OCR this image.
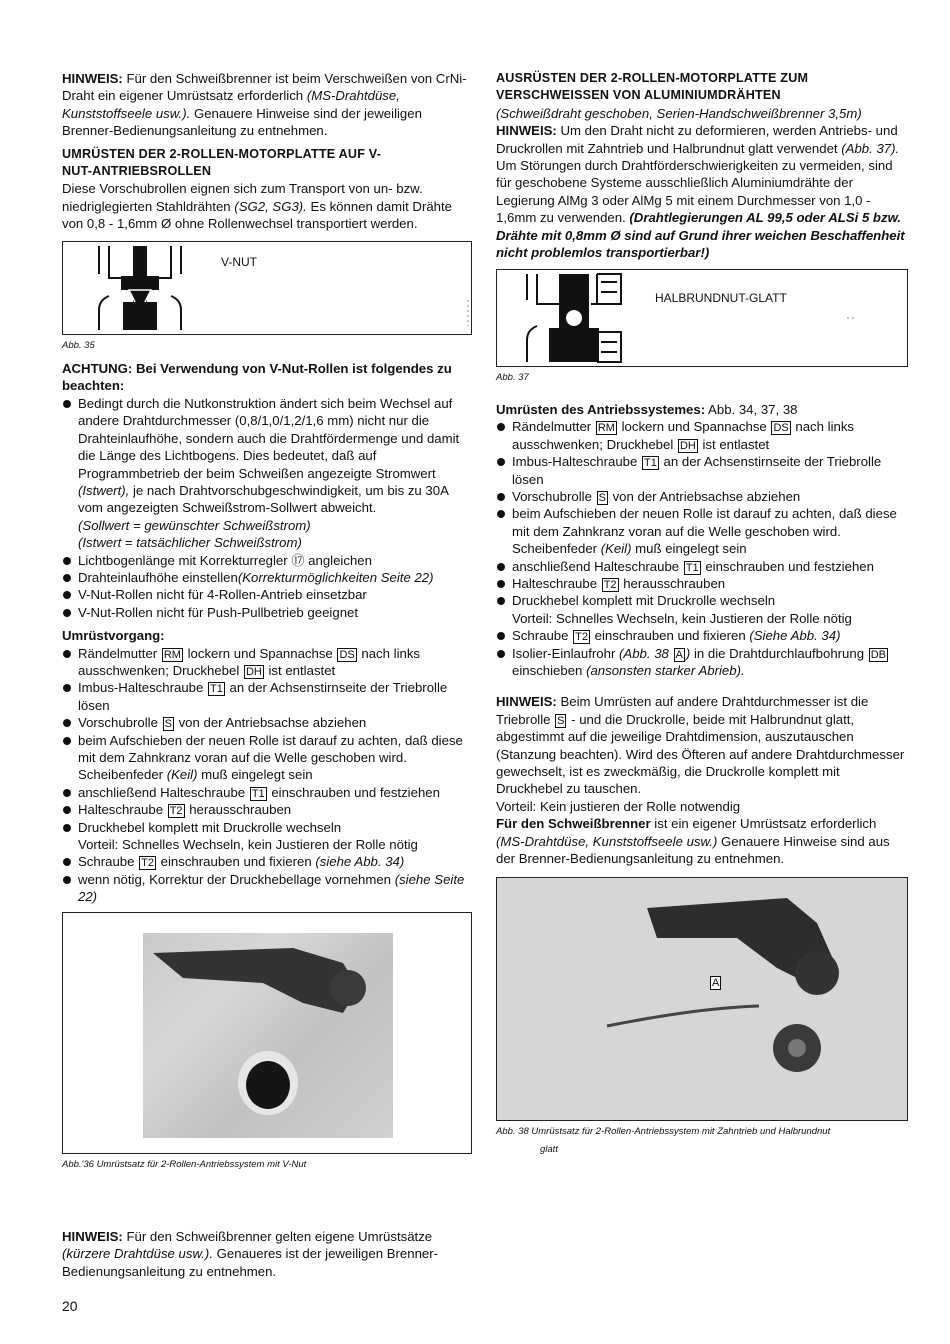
HINWEIS: Für den Schweißbrenner ist beim Verschweißen von CrNi-Draht ein eigener Umrüstsatz erforderlich (MS-Drahtdüse, Kunststoffseele usw.). Genauere Hinweise sind der jeweiligen Brenner-Bedienungsanleitung zu entnehmen.

UMRÜSTEN DER 2-ROLLEN-MOTORPLATTE AUF V-NUT-ANTRIEBSROLLEN

Diese Vorschubrollen eignen sich zum Transport von un- bzw. niedriglegierten Stahldrähten (SG2, SG3). Es können damit Drähte von 0,8 - 1,6mm Ø ohne Rollenwechsel transportiert werden.

V-NUT
Abb. 35

ACHTUNG: Bei Verwendung von V-Nut-Rollen ist folgendes zu beachten:

Bedingt durch die Nutkonstruktion ändert sich beim Wechsel auf andere Drahtdurchmesser (0,8/1,0/1,2/1,6 mm) nicht nur die Drahteinlaufhöhe, sondern auch die Drahtfördermenge und damit die Länge des Lichtbogens. Dies bedeutet, daß auf Programmbetrieb der beim Schweißen angezeigte Stromwert (Istwert), je nach Drahtvorschubgeschwindigkeit, um bis zu 30A vom angezeigten Schweißstrom-Sollwert abweicht.
(Sollwert = gewünschter Schweißstrom)
(Istwert = tatsächlicher Schweißstrom)
Lichtbogenlänge mit Korrekturregler ⑰ angleichen
Drahteinlaufhöhe einstellen(Korrekturmöglichkeiten Seite 22)
V-Nut-Rollen nicht für 4-Rollen-Antrieb einsetzbar
V-Nut-Rollen nicht für Push-Pullbetrieb geeignet

Umrüstvorgang:

Rändelmutter RM lockern und Spannachse DS nach links ausschwenken; Druckhebel DH ist entlastet
Imbus-Halteschraube T1 an der Achsenstirnseite der Triebrolle lösen
Vorschubrolle S von der Antriebsachse abziehen
beim Aufschieben der neuen Rolle ist darauf zu achten, daß diese mit dem Zahnkranz voran auf die Welle geschoben wird. Scheibenfeder (Keil) muß eingelegt sein
anschließend Halteschraube T1 einschrauben und festziehen
Halteschraube T2 herausschrauben
Druckhebel komplett mit Druckrolle wechseln
Vorteil: Schnelles Wechseln, kein Justieren der Rolle nötig
Schraube T2 einschrauben und fixieren (siehe Abb. 34)
wenn nötig, Korrektur der Druckhebellage vornehmen (siehe Seite 22)
Abb.'36 Umrüstsatz für 2-Rollen-Antriebssystem mit V-Nut

AUSRÜSTEN DER 2-ROLLEN-MOTORPLATTE ZUM VERSCHWEISSEN VON ALUMINIUMDRÄHTEN

(Schweißdraht geschoben, Serien-Handschweißbrenner 3,5m)

HINWEIS: Um den Draht nicht zu deformieren, werden Antriebs- und Druckrollen mit Zahntrieb und Halbrundnut glatt verwendet (Abb. 37). Um Störungen durch Drahtförderschwierigkeiten zu vermeiden, sind für geschobene Systeme ausschließlich Aluminiumdrähte der Legierung AlMg 3 oder AlMg 5 mit einem Durchmesser von 1,0 - 1,6mm zu verwenden. (Drahtlegierungen AL 99,5 oder ALSi 5 bzw. Drähte mit 0,8mm Ø sind auf Grund ihrer weichen Beschaffenheit nicht problemlos transportierbar!)

HALBRUNDNUT-GLATT
Abb. 37

Umrüsten des Antriebssystemes: Abb. 34, 37, 38

Rändelmutter RM lockern und Spannachse DS nach links ausschwenken; Druckhebel DH ist entlastet
Imbus-Halteschraube T1 an der Achsenstirnseite der Triebrolle lösen
Vorschubrolle S von der Antriebsachse abziehen
beim Aufschieben der neuen Rolle ist darauf zu achten, daß diese mit dem Zahnkranz voran auf die Welle geschoben wird. Scheibenfeder (Keil) muß eingelegt sein
anschließend Halteschraube T1 einschrauben und festziehen
Halteschraube T2 herausschrauben
Druckhebel komplett mit Druckrolle wechseln
Vorteil: Schnelles Wechseln, kein Justieren der Rolle nötig
Schraube T2 einschrauben und fixieren (Siehe Abb. 34)
Isolier-Einlaufrohr (Abb. 38 A ) in die Drahtdurchlaufbohrung DB einschieben (ansonsten starker Abrieb).

HINWEIS: Beim Umrüsten auf andere Drahtdurchmesser ist die Triebrolle S - und die Druckrolle, beide mit Halbrundnut glatt, abgestimmt auf die jeweilige Drahtdimension, auszutauschen (Stanzung beachten). Wird des Öfteren auf andere Drahtdurchmesser gewechselt, ist es zweckmäßig, die Druckrolle komplett mit Druckhebel zu tauschen.

Vorteil: Kein justieren der Rolle notwendig

Für den Schweißbrenner ist ein eigener Umrüstsatz erforderlich (MS-Drahtdüse, Kunststoffseele usw.) Genauere Hinweise sind aus der Brenner-Bedienungsanleitung zu entnehmen.

A
Abb. 38 Umrüstsatz für 2-Rollen-Antriebssystem mit Zahntrieb und Halbrundnut
glatt

HINWEIS: Für den Schweißbrenner gelten eigene Umrüstsätze (kürzere Drahtdüse usw.). Genaueres ist der jeweiligen Brenner-Bedienungsanleitung zu entnehmen.

20
